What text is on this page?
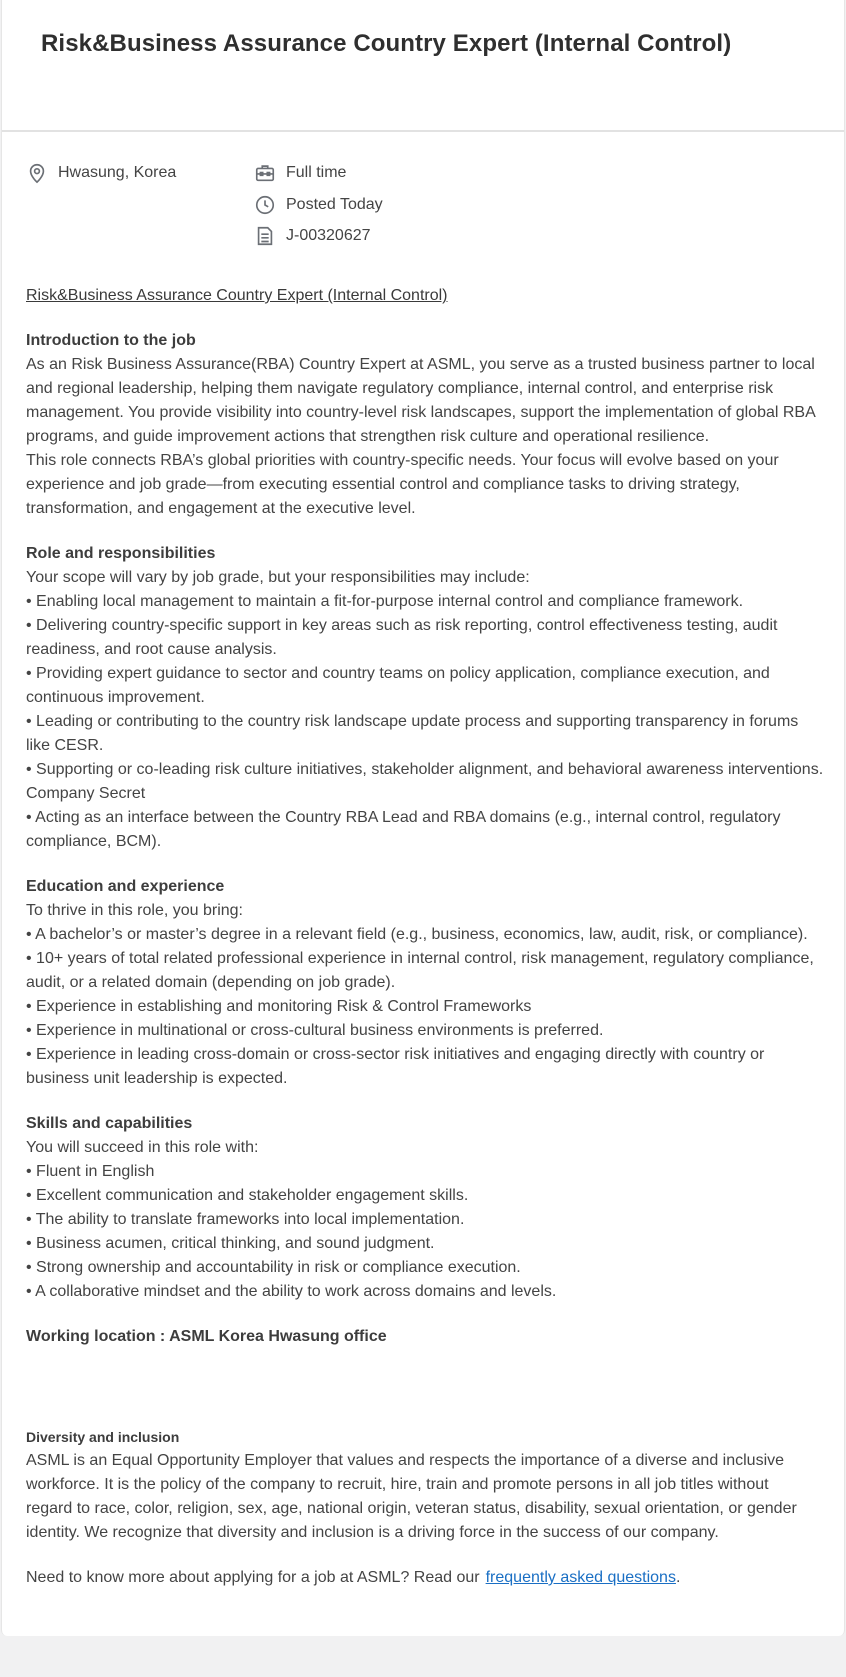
Risk&Business Assurance Country Expert (Internal Control)
Hwasung, Korea	Full time
Posted Today
J-00320627
Risk&Business Assurance Country Expert (Internal Control)
Introduction to the job
As an Risk Business Assurance(RBA) Country Expert at ASML, you serve as a trusted business partner to local
and regional leadership, helping them navigate regulatory compliance, internal control, and enterprise risk
management. You provide visibility into country-level risk landscapes, support the implementation of global RBA
programs, and guide improvement actions that strengthen risk culture and operational resilience.
This role connects RBA’s global priorities with country-specific needs. Your focus will evolve based on your
experience and job grade—from executing essential control and compliance tasks to driving strategy,
transformation, and engagement at the executive level.
Role and responsibilities
Your scope will vary by job grade, but your responsibilities may include:
• Enabling local management to maintain a fit-for-purpose internal control and compliance framework.
• Delivering country-specific support in key areas such as risk reporting, control effectiveness testing, audit
readiness, and root cause analysis.
• Providing expert guidance to sector and country teams on policy application, compliance execution, and
continuous improvement.
• Leading or contributing to the country risk landscape update process and supporting transparency in forums
like CESR.
• Supporting or co-leading risk culture initiatives, stakeholder alignment, and behavioral awareness interventions.
Company Secret
• Acting as an interface between the Country RBA Lead and RBA domains (e.g., internal control, regulatory
compliance, BCM).
Education and experience
To thrive in this role, you bring:
• A bachelor’s or master’s degree in a relevant field (e.g., business, economics, law, audit, risk, or compliance).
• 10+ years of total related professional experience in internal control, risk management, regulatory compliance,
audit, or a related domain (depending on job grade).
• Experience in establishing and monitoring Risk & Control Frameworks
• Experience in multinational or cross-cultural business environments is preferred.
• Experience in leading cross-domain or cross-sector risk initiatives and engaging directly with country or
business unit leadership is expected.
Skills and capabilities
You will succeed in this role with:
• Fluent in English
• Excellent communication and stakeholder engagement skills.
• The ability to translate frameworks into local implementation.
• Business acumen, critical thinking, and sound judgment.
• Strong ownership and accountability in risk or compliance execution.
• A collaborative mindset and the ability to work across domains and levels.
Working location : ASML Korea Hwasung office
Diversity and inclusion
ASML is an Equal Opportunity Employer that values and respects the importance of a diverse and inclusive
workforce. It is the policy of the company to recruit, hire, train and promote persons in all job titles without
regard to race, color, religion, sex, age, national origin, veteran status, disability, sexual orientation, or gender
identity. We recognize that diversity and inclusion is a driving force in the success of our company.
Need to know more about applying for a job at ASML? Read our frequently asked questions.
